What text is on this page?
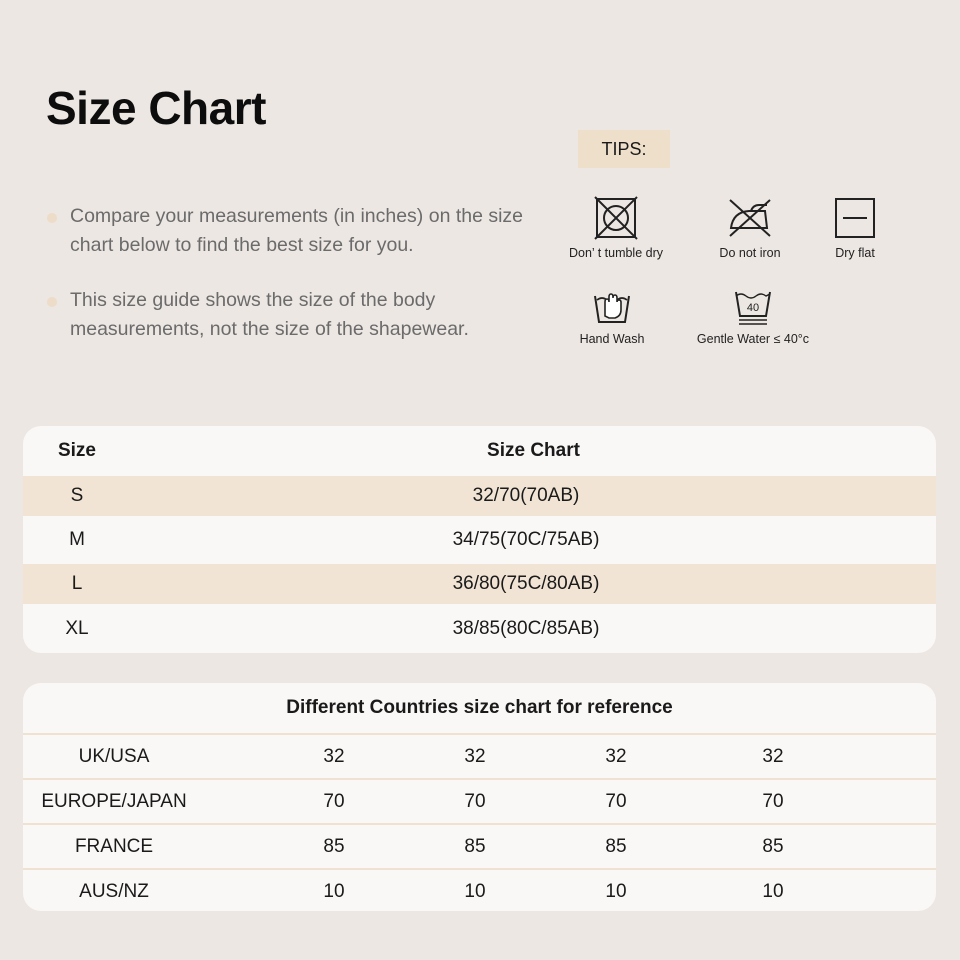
Size Chart
Compare your measurements (in inches) on the size chart below to find the best size for you.
This size guide shows the size of the body measurements, not the size of the shapewear.
TIPS:
Don’ t tumble dry	Do not iron	Dry flat
Hand Wash
40
Gentle Water ≤ 40°c
Size	Size Chart
S	32/70(70AB)
M	34/75(70C/75AB)
L	36/80(75C/80AB)
XL	38/85(80C/85AB)
Different Countries size chart for reference
UK/USA	32	32	32	32
EUROPE/JAPAN	70	70	70	70
FRANCE	85	85	85	85
AUS/NZ	10	10	10	10
